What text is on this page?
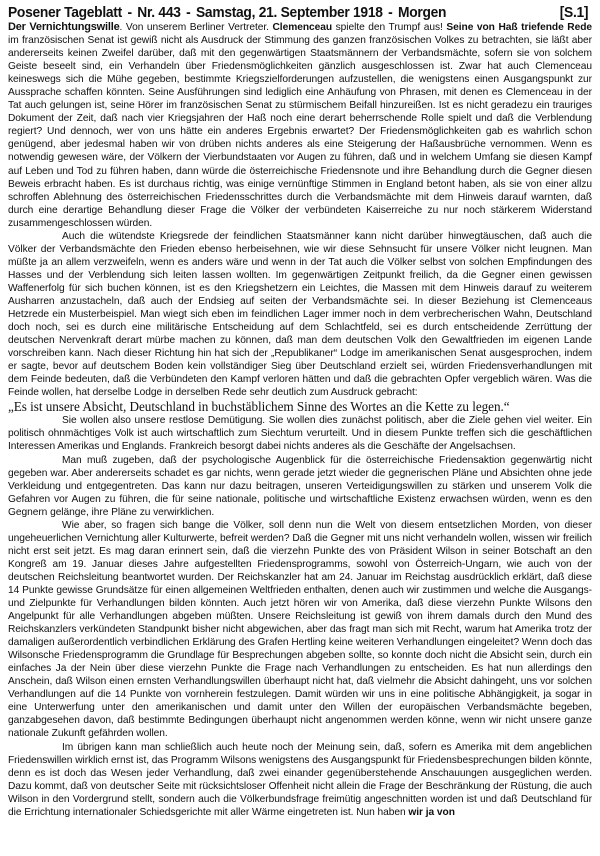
Posener Tageblatt - Nr. 443 - Samstag, 21. September 1918 - Morgen	[S.1]

Der Vernichtungswille. Von unserem Berliner Vertreter. Clemenceau spielte den Trumpf aus! Seine von Haß triefende Rede im französischen Senat ist gewiß nicht als Ausdruck der Stimmung des ganzen französischen Volkes zu betrachten, sie läßt aber andererseits keinen Zweifel darüber, daß mit den gegenwärtigen Staatsmännern der Verbandsmächte, sofern sie von solchem Geiste beseelt sind, ein Verhandeln über Friedensmöglichkeiten gänzlich ausgeschlossen ist. Zwar hat auch Clemenceau keineswegs sich die Mühe gegeben, bestimmte Kriegszielforderungen aufzustellen, die wenigstens einen Ausgangspunkt zur Aussprache schaffen könnten. Seine Ausführungen sind lediglich eine Anhäufung von Phrasen, mit denen es Clemenceau in der Tat auch gelungen ist, seine Hörer im französischen Senat zu stürmischem Beifall hinzureißen. Ist es nicht geradezu ein trauriges Dokument der Zeit, daß nach vier Kriegsjahren der Haß noch eine derart beherrschende Rolle spielt und daß die Verblendung regiert? Und dennoch, wer von uns hätte ein anderes Ergebnis erwartet? Der Friedensmöglichkeiten gab es wahrlich schon genügend, aber jedesmal haben wir von drüben nichts anderes als eine Steigerung der Haßausbrüche vernommen. Wenn es notwendig gewesen wäre, der Völkern der Vierbundstaaten vor Augen zu führen, daß und in welchem Umfang sie diesen Kampf auf Leben und Tod zu führen haben, dann würde die österreichische Friedensnote und ihre Behandlung durch die Gegner diesen Beweis erbracht haben. Es ist durchaus richtig, was einige vernünftige Stimmen in England betont haben, als sie von einer allzu schroffen Ablehnung des österreichischen Friedensschrittes durch die Verbandsmächte mit dem Hinweis darauf warnten, daß durch eine derartige Behandlung dieser Frage die Völker der verbündeten Kaiserreiche zu nur noch stärkerem Widerstand zusammengeschlossen würden.

Auch die wütendste Kriegsrede der feindlichen Staatsmänner kann nicht darüber hinwegtäuschen, daß auch die Völker der Verbandsmächte den Frieden ebenso herbeisehnen, wie wir diese Sehnsucht für unsere Völker nicht leugnen. Man müßte ja an allem verzweifeln, wenn es anders wäre und wenn in der Tat auch die Völker selbst von solchen Empfindungen des Hasses und der Verblendung sich leiten lassen wollten. Im gegenwärtigen Zeitpunkt freilich, da die Gegner einen gewissen Waffenerfolg für sich buchen können, ist es den Kriegshetzern ein Leichtes, die Massen mit dem Hinweis darauf zu weiterem Ausharren anzustacheln, daß auch der Endsieg auf seiten der Verbandsmächte sei. In dieser Beziehung ist Clemenceaus Hetzrede ein Musterbeispiel. Man wiegt sich eben im feindlichen Lager immer noch in dem verbrecherischen Wahn, Deutschland doch noch, sei es durch eine militärische Entscheidung auf dem Schlachtfeld, sei es durch entscheidende Zerrüttung der deutschen Nervenkraft derart mürbe machen zu können, daß man dem deutschen Volk den Gewaltfrieden im eigenen Lande vorschreiben kann. Nach dieser Richtung hin hat sich der „Republikaner“ Lodge im amerikanischen Senat ausgesprochen, indem er sagte, bevor auf deutschem Boden kein vollständiger Sieg über Deutschland erzielt sei, würden Friedensverhandlungen mit dem Feinde bedeuten, daß die Verbündeten den Kampf verloren hätten und daß die gebrachten Opfer vergeblich wären. Was die Feinde wollen, hat derselbe Lodge in derselben Rede sehr deutlich zum Ausdruck gebracht:

„Es ist unsere Absicht, Deutschland in buchstäblichem Sinne des Wortes an die Kette zu legen.“

Sie wollen also unsere restlose Demütigung. Sie wollen dies zunächst politisch, aber die Ziele gehen viel weiter. Ein politisch ohnmächtiges Volk ist auch wirtschaftlich zum Siechtum verurteilt. Und in diesem Punkte treffen sich die geschäftlichen Interessen Amerikas und Englands. Frankreich besorgt dabei nichts anderes als die Geschäfte der Angelsachsen.

Man muß zugeben, daß der psychologische Augenblick für die österreichische Friedensaktion gegenwärtig nicht gegeben war. Aber andererseits schadet es gar nichts, wenn gerade jetzt wieder die gegnerischen Pläne und Absichten ohne jede Verkleidung und entgegentreten. Das kann nur dazu beitragen, unseren Verteidigungswillen zu stärken und unserem Volk die Gefahren vor Augen zu führen, die für seine nationale, politische und wirtschaftliche Existenz erwachsen würden, wenn es den Gegnern gelänge, ihre Pläne zu verwirklichen.

Wie aber, so fragen sich bange die Völker, soll denn nun die Welt von diesem entsetzlichen Morden, von dieser ungeheuerlichen Vernichtung aller Kulturwerte, befreit werden? Daß die Gegner mit uns nicht verhandeln wollen, wissen wir freilich nicht erst seit jetzt. Es mag daran erinnert sein, daß die vierzehn Punkte des von Präsident Wilson in seiner Botschaft an den Kongreß am 19. Januar dieses Jahre aufgestellten Friedensprogramms, sowohl von Österreich-Ungarn, wie auch von der deutschen Reichsleitung beantwortet wurden. Der Reichskanzler hat am 24. Januar im Reichstag ausdrücklich erklärt, daß diese 14 Punkte gewisse Grundsätze für einen allgemeinen Weltfrieden enthalten, denen auch wir zustimmen und welche die Ausgangs- und Zielpunkte für Verhandlungen bilden könnten. Auch jetzt hören wir von Amerika, daß diese vierzehn Punkte Wilsons den Angelpunkt für alle Verhandlungen abgeben müßten. Unsere Reichsleitung ist gewiß von ihrem damals durch den Mund des Reichskanzlers verkündeten Standpunkt bisher nicht abgewichen, aber das fragt man sich mit Recht, warum hat Amerika trotz der damaligen außerordentlich verbindlichen Erklärung des Grafen Hertling keine weiteren Verhandlungen eingeleitet? Wenn doch das Wilsonsche Friedensprogramm die Grundlage für Besprechungen abgeben sollte, so konnte doch nicht die Absicht sein, durch ein einfaches Ja der Nein über diese vierzehn Punkte die Frage nach Verhandlungen zu entscheiden. Es hat nun allerdings den Anschein, daß Wilson einen ernsten Verhandlungswillen überhaupt nicht hat, daß vielmehr die Absicht dahingeht, uns vor solchen Verhandlungen auf die 14 Punkte von vornherein festzulegen. Damit würden wir uns in eine politische Abhängigkeit, ja sogar in eine Unterwerfung unter den amerikanischen und damit unter den Willen der europäischen Verbandsmächte begeben, ganzabgesehen davon, daß bestimmte Bedingungen überhaupt nicht angenommen werden könne, wenn wir nicht unsere ganze nationale Zukunft gefährden wollen.

Im übrigen kann man schließlich auch heute noch der Meinung sein, daß, sofern es Amerika mit dem angeblichen Friedenswillen wirklich ernst ist, das Programm Wilsons wenigstens des Ausgangspunkt für Friedensbesprechungen bilden könnte, denn es ist doch das Wesen jeder Verhandlung, daß zwei einander gegenüberstehende Anschauungen ausgeglichen werden. Dazu kommt, daß von deutscher Seite mit rücksichtsloser Offenheit nicht allein die Frage der Beschränkung der Rüstung, die auch Wilson in den Vordergrund stellt, sondern auch die Völkerbundsfrage freimütig angeschnitten worden ist und daß Deutschland für die Errichtung internationaler Schiedsgerichte mit aller Wärme eingetreten ist. Nun haben wir ja von
